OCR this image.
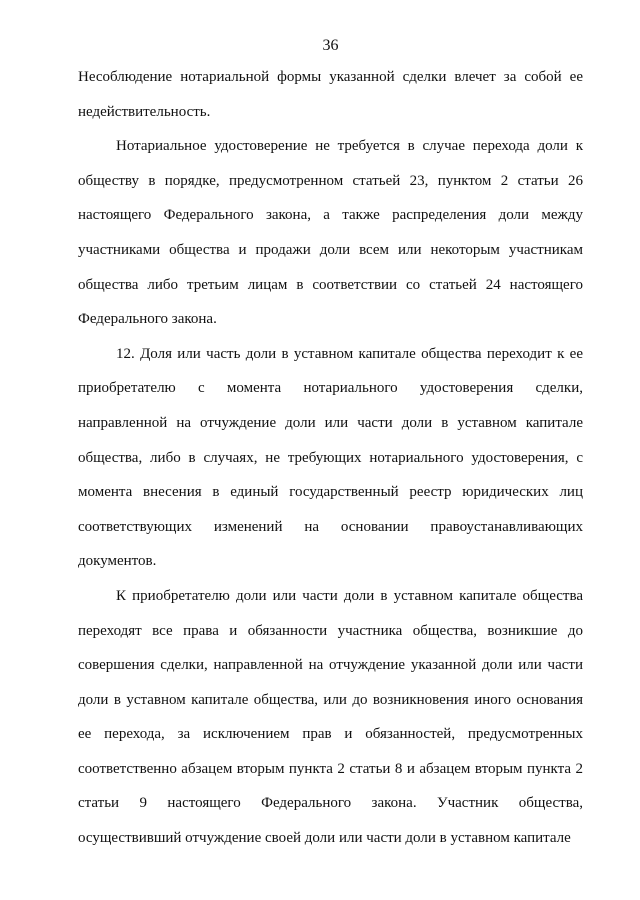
36

Несоблюдение нотариальной формы указанной сделки влечет за собой ее недействительность.

Нотариальное удостоверение не требуется в случае перехода доли к обществу в порядке, предусмотренном статьей 23, пунктом 2 статьи 26 настоящего Федерального закона, а также распределения доли между участниками общества и продажи доли всем или некоторым участникам общества либо третьим лицам в соответствии со статьей 24 настоящего Федерального закона.

12. Доля или часть доли в уставном капитале общества переходит к ее приобретателю с момента нотариального удостоверения сделки, направленной на отчуждение доли или части доли в уставном капитале общества, либо в случаях, не требующих нотариального удостоверения, с момента внесения в единый государственный реестр юридических лиц соответствующих изменений на основании правоустанавливающих документов.

К приобретателю доли или части доли в уставном капитале общества переходят все права и обязанности участника общества, возникшие до совершения сделки, направленной на отчуждение указанной доли или части доли в уставном капитале общества, или до возникновения иного основания ее перехода, за исключением прав и обязанностей, предусмотренных соответственно абзацем вторым пункта 2 статьи 8 и абзацем вторым пункта 2 статьи 9 настоящего Федерального закона. Участник общества, осуществивший отчуждение своей доли или части доли в уставном капитале
